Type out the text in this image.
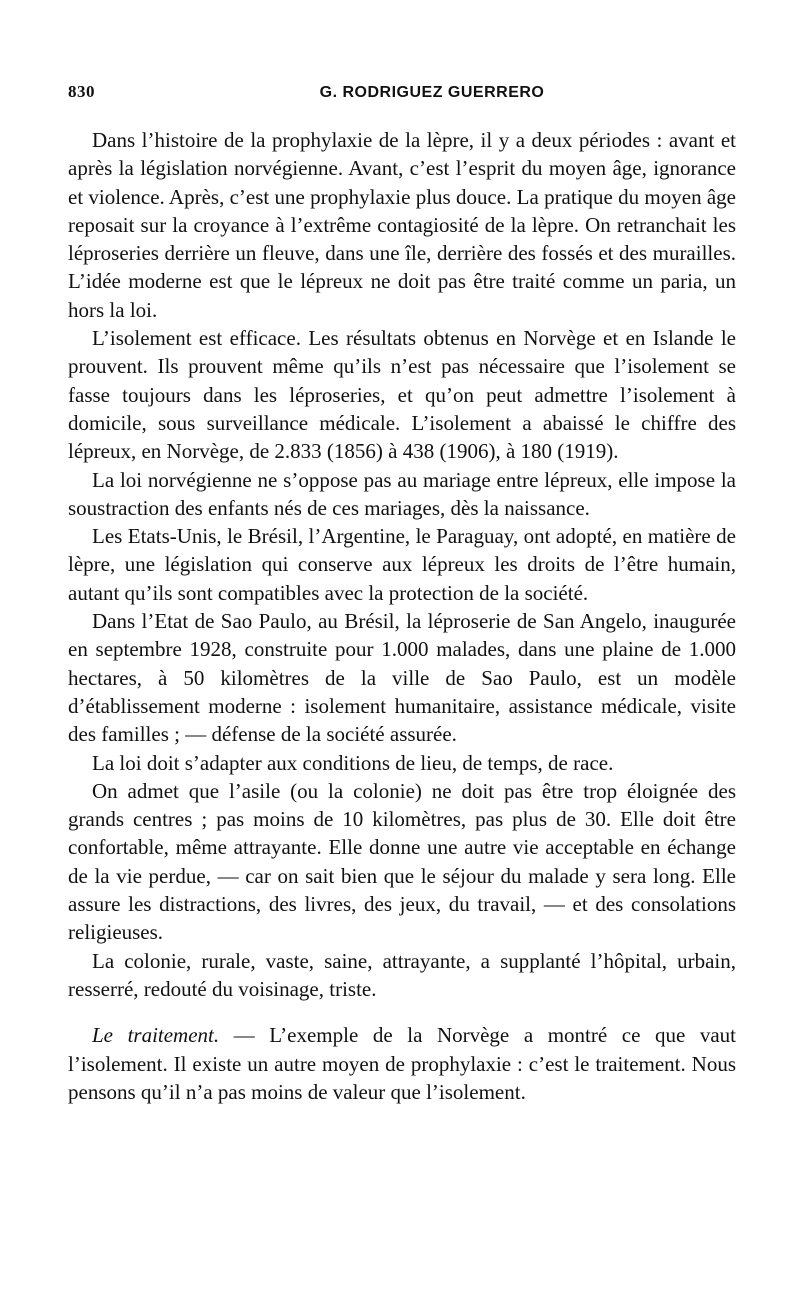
830	G. RODRIGUEZ GUERRERO

Dans l’histoire de la prophylaxie de la lèpre, il y a deux périodes : avant et après la législation norvégienne. Avant, c’est l’esprit du moyen âge, ignorance et violence. Après, c’est une prophylaxie plus douce. La pratique du moyen âge reposait sur la croyance à l’extrême contagiosité de la lèpre. On retranchait les léproseries derrière un fleuve, dans une île, derrière des fossés et des murailles. L’idée moderne est que le lépreux ne doit pas être traité comme un paria, un hors la loi.

L’isolement est efficace. Les résultats obtenus en Norvège et en Islande le prouvent. Ils prouvent même qu’ils n’est pas nécessaire que l’isolement se fasse toujours dans les léproseries, et qu’on peut admettre l’isolement à domicile, sous surveillance médicale. L’isolement a abaissé le chiffre des lépreux, en Norvège, de 2.833 (1856) à 438 (1906), à 180 (1919).

La loi norvégienne ne s’oppose pas au mariage entre lépreux, elle impose la soustraction des enfants nés de ces mariages, dès la naissance.

Les Etats-Unis, le Brésil, l’Argentine, le Paraguay, ont adopté, en matière de lèpre, une législation qui conserve aux lépreux les droits de l’être humain, autant qu’ils sont compatibles avec la protection de la société.

Dans l’Etat de Sao Paulo, au Brésil, la léproserie de San Angelo, inaugurée en septembre 1928, construite pour 1.000 malades, dans une plaine de 1.000 hectares, à 50 kilomètres de la ville de Sao Paulo, est un modèle d’établissement moderne : isolement humanitaire, assistance médicale, visite des familles ; — défense de la société assurée.

La loi doit s’adapter aux conditions de lieu, de temps, de race.

On admet que l’asile (ou la colonie) ne doit pas être trop éloignée des grands centres ; pas moins de 10 kilomètres, pas plus de 30. Elle doit être confortable, même attrayante. Elle donne une autre vie acceptable en échange de la vie perdue, — car on sait bien que le séjour du malade y sera long. Elle assure les distractions, des livres, des jeux, du travail, — et des consolations religieuses.

La colonie, rurale, vaste, saine, attrayante, a supplanté l’hôpital, urbain, resserré, redouté du voisinage, triste.

Le traitement. — L’exemple de la Norvège a montré ce que vaut l’isolement. Il existe un autre moyen de prophylaxie : c’est le traitement. Nous pensons qu’il n’a pas moins de valeur que l’isolement.
